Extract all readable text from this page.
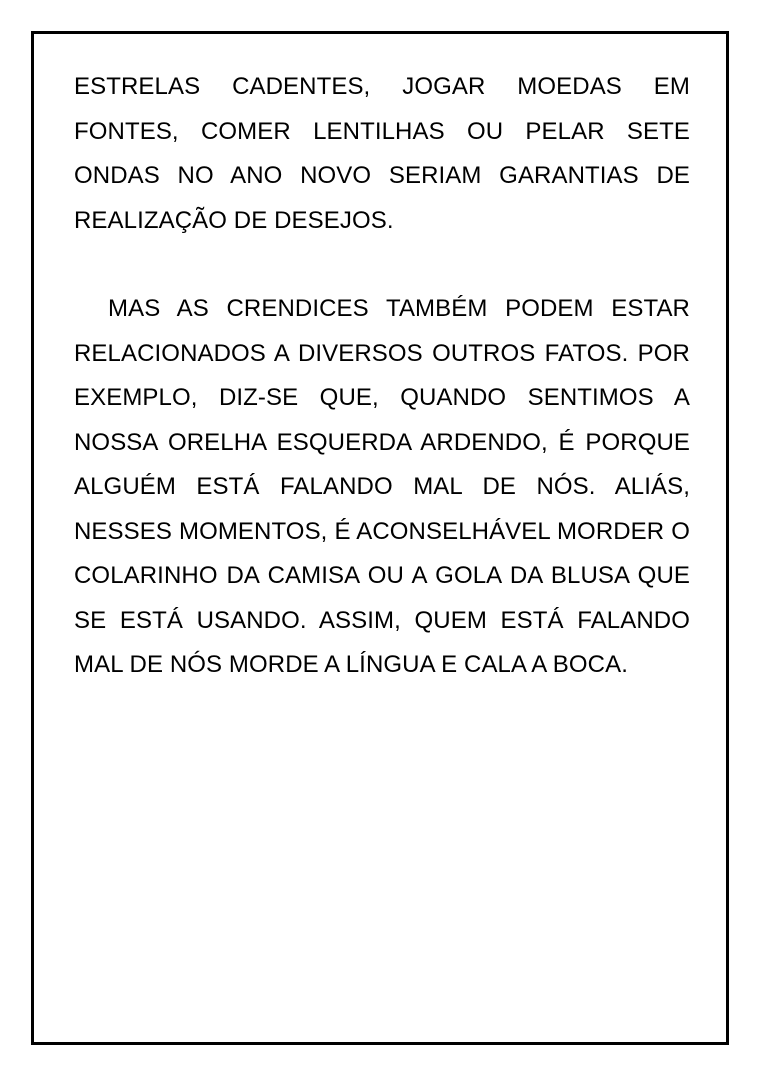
ESTRELAS CADENTES, JOGAR MOEDAS EM FONTES, COMER LENTILHAS OU PELAR SETE ONDAS NO ANO NOVO SERIAM GARANTIAS DE REALIZAÇÃO DE DESEJOS.

MAS AS CRENDICES TAMBÉM PODEM ESTAR RELACIONADOS A DIVERSOS OUTROS FATOS. POR EXEMPLO, DIZ-SE QUE, QUANDO SENTIMOS A NOSSA ORELHA ESQUERDA ARDENDO, É PORQUE ALGUÉM ESTÁ FALANDO MAL DE NÓS. ALIÁS, NESSES MOMENTOS, É ACONSELHÁVEL MORDER O COLARINHO DA CAMISA OU A GOLA DA BLUSA QUE SE ESTÁ USANDO. ASSIM, QUEM ESTÁ FALANDO MAL DE NÓS MORDE A LÍNGUA E CALA A BOCA.
